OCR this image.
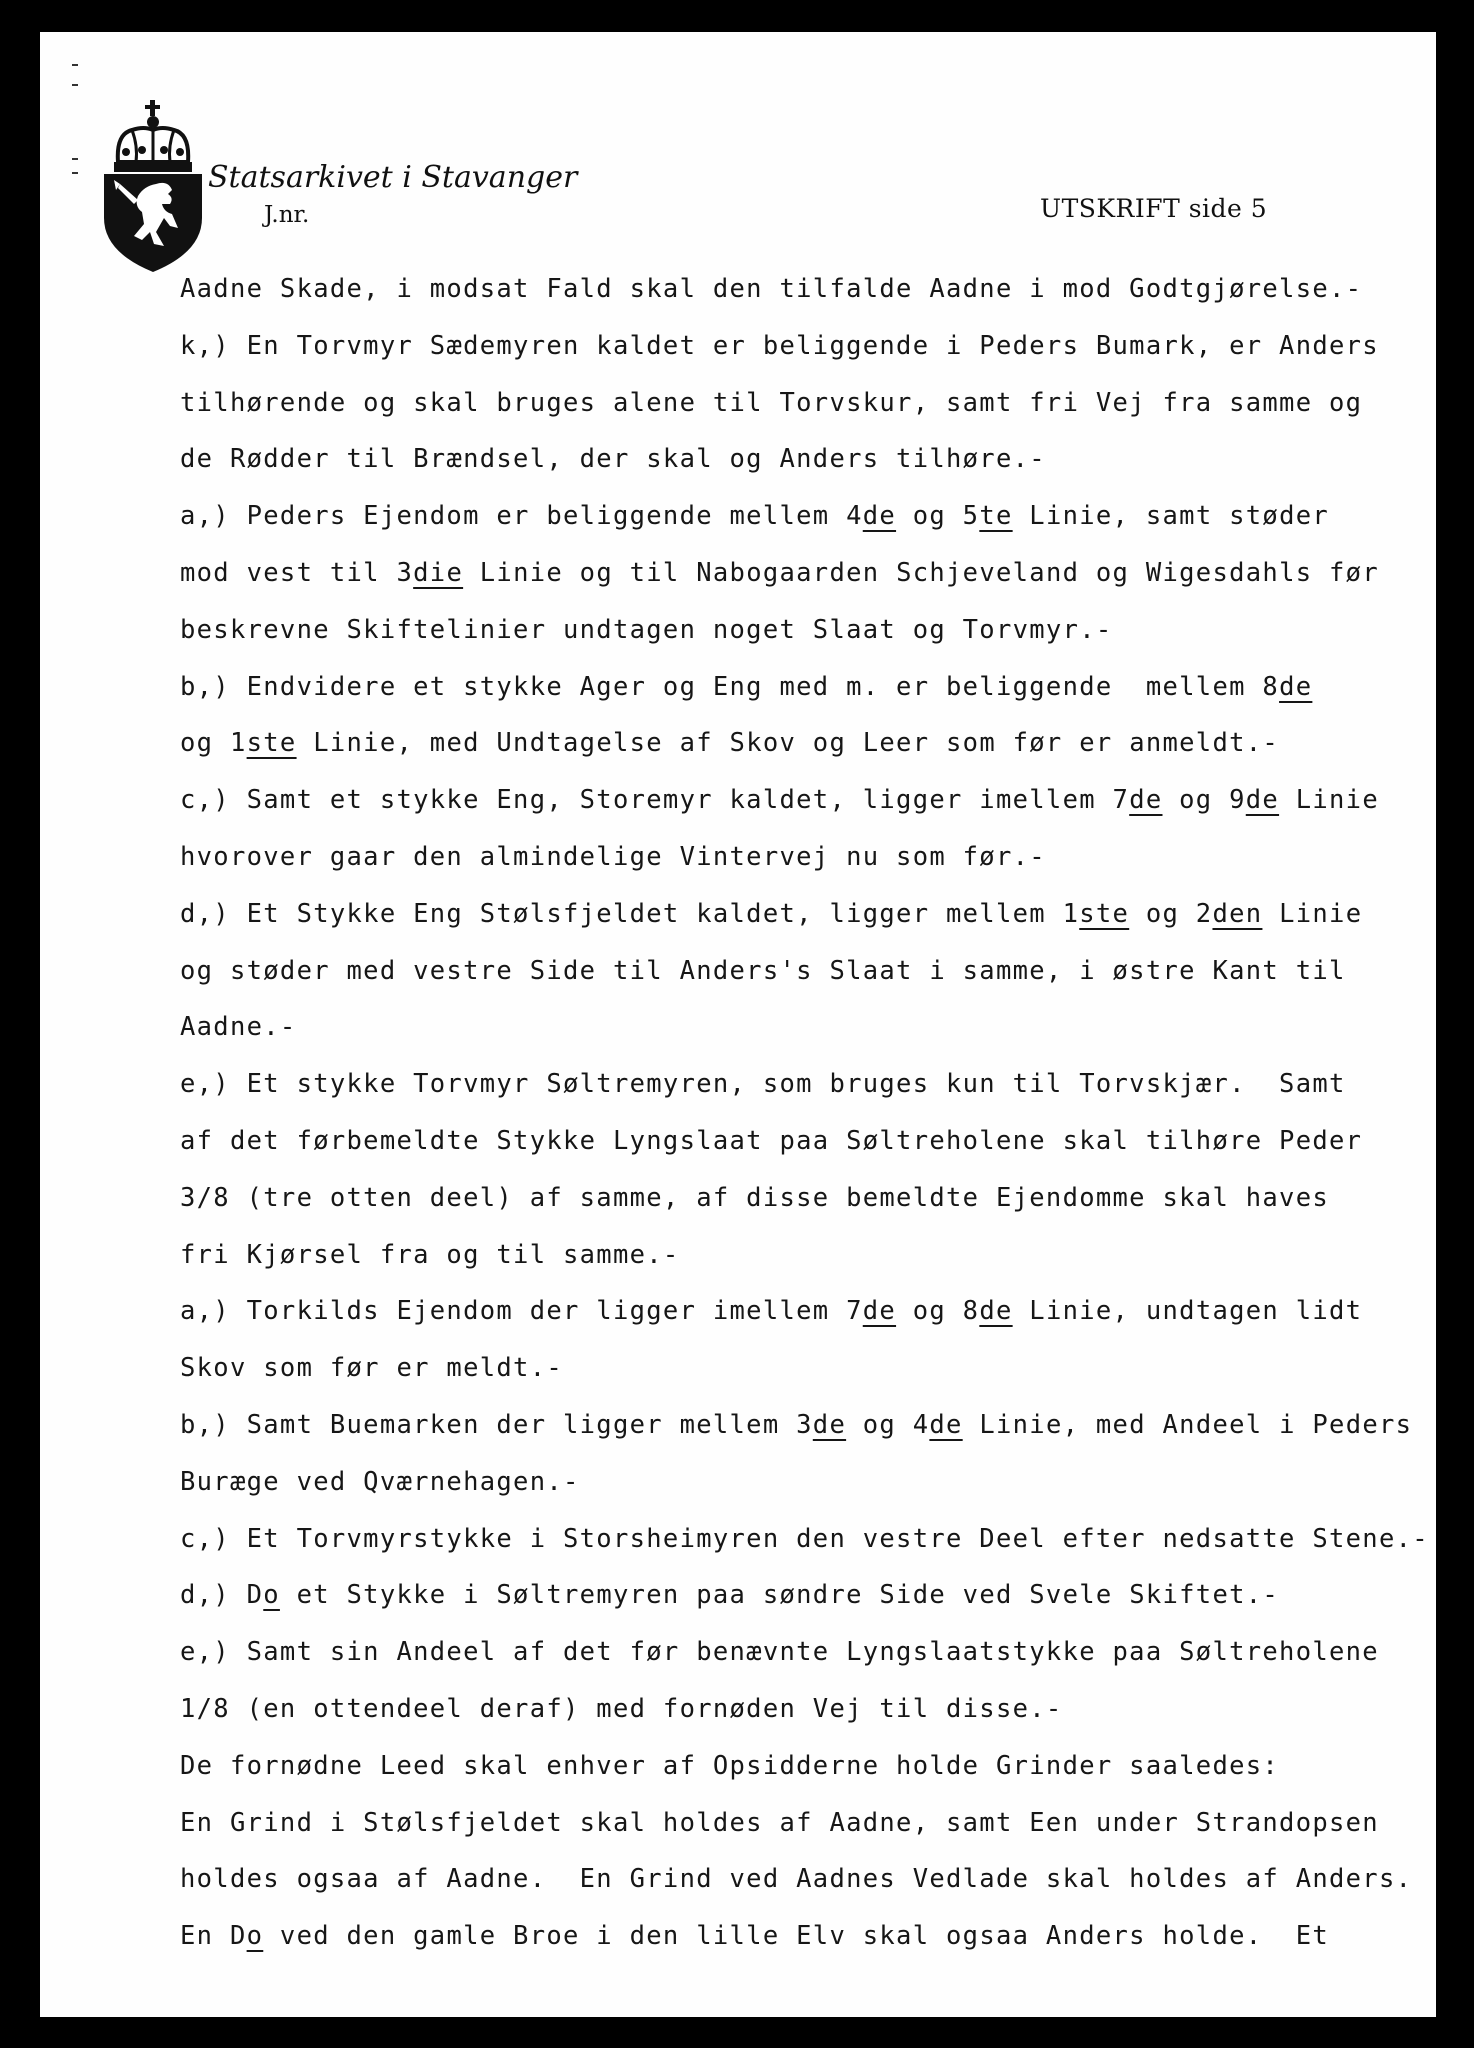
Statsarkivet i Stavanger
J.nr.	UTSKRIFT side 5
Aadne Skade, i modsat Fald skal den tilfalde Aadne i mod Godtgjørelse.-
k,) En Torvmyr Sædemyren kaldet er beliggende i Peders Bumark, er Anders
tilhørende og skal bruges alene til Torvskur, samt fri Vej fra samme og
de Rødder til Brændsel, der skal og Anders tilhøre.-
a,) Peders Ejendom er beliggende mellem 4de og 5te Linie, samt støder
mod vest til 3die Linie og til Nabogaarden Schjeveland og Wigesdahls før
beskrevne Skiftelinier undtagen noget Slaat og Torvmyr.-
b,) Endvidere et stykke Ager og Eng med m. er beliggende  mellem 8de
og 1ste Linie, med Undtagelse af Skov og Leer som før er anmeldt.-
c,) Samt et stykke Eng, Storemyr kaldet, ligger imellem 7de og 9de Linie
hvorover gaar den almindelige Vintervej nu som før.-
d,) Et Stykke Eng Stølsfjeldet kaldet, ligger mellem 1ste og 2den Linie
og støder med vestre Side til Anders's Slaat i samme, i østre Kant til
Aadne.-
e,) Et stykke Torvmyr Søltremyren, som bruges kun til Torvskjær.  Samt
af det førbemeldte Stykke Lyngslaat paa Søltreholene skal tilhøre Peder
3/8 (tre otten deel) af samme, af disse bemeldte Ejendomme skal haves
fri Kjørsel fra og til samme.-
a,) Torkilds Ejendom der ligger imellem 7de og 8de Linie, undtagen lidt
Skov som før er meldt.-
b,) Samt Buemarken der ligger mellem 3de og 4de Linie, med Andeel i Peders
Buræge ved Qværnehagen.-
c,) Et Torvmyrstykke i Storsheimyren den vestre Deel efter nedsatte Stene.-
d,) Do et Stykke i Søltremyren paa søndre Side ved Svele Skiftet.-
e,) Samt sin Andeel af det før benævnte Lyngslaatstykke paa Søltreholene
1/8 (en ottendeel deraf) med fornøden Vej til disse.-
De fornødne Leed skal enhver af Opsidderne holde Grinder saaledes:
En Grind i Stølsfjeldet skal holdes af Aadne, samt Een under Strandopsen
holdes ogsaa af Aadne.  En Grind ved Aadnes Vedlade skal holdes af Anders.
En Do ved den gamle Broe i den lille Elv skal ogsaa Anders holde.  Et
